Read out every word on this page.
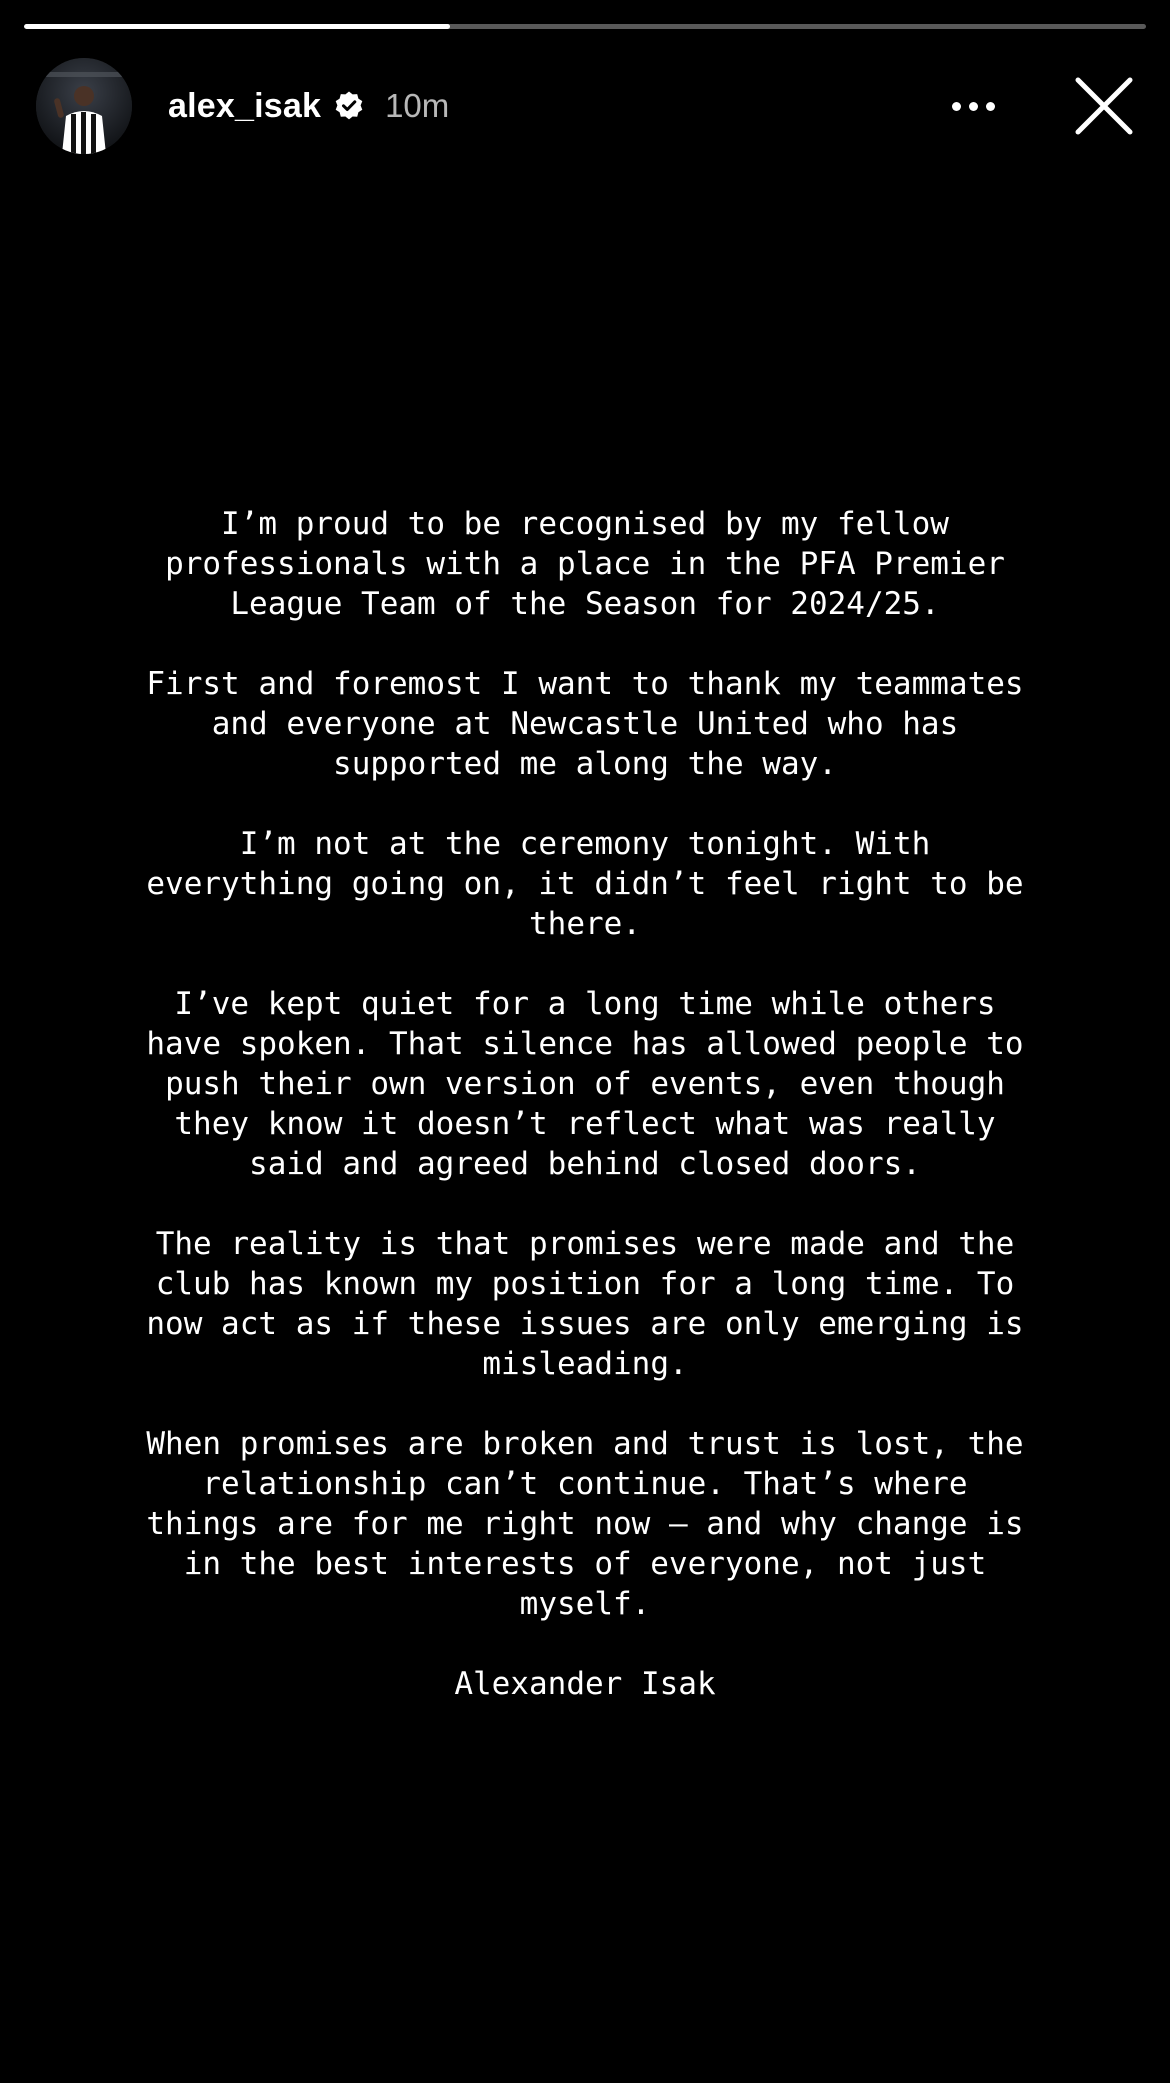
alex_isak 10m

I’m proud to be recognised by my fellow
professionals with a place in the PFA Premier
League Team of the Season for 2024/25.

First and foremost I want to thank my teammates
and everyone at Newcastle United who has
supported me along the way.

I’m not at the ceremony tonight. With
everything going on, it didn’t feel right to be
there.

I’ve kept quiet for a long time while others
have spoken. That silence has allowed people to
push their own version of events, even though
they know it doesn’t reflect what was really
said and agreed behind closed doors.

The reality is that promises were made and the
club has known my position for a long time. To
now act as if these issues are only emerging is
misleading.

When promises are broken and trust is lost, the
relationship can’t continue. That’s where
things are for me right now — and why change is
in the best interests of everyone, not just
myself.

Alexander Isak
